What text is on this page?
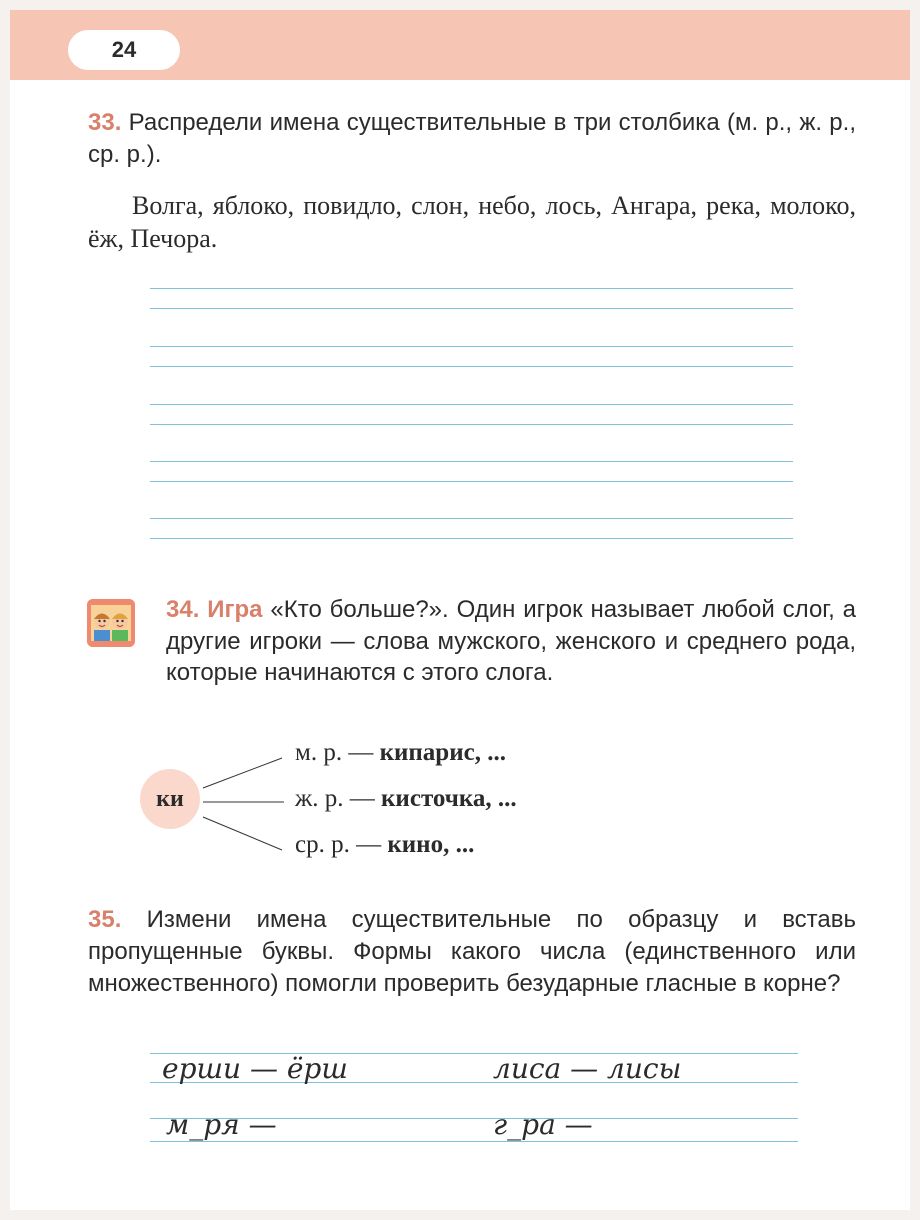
24
33. Распредели имена существительные в три столбика (м. р., ж. р., ср. р.).
Волга, яблоко, повидло, слон, небо, лось, Ангара, река, молоко, ёж, Печора.
34. Игра «Кто больше?». Один игрок называет любой слог, а другие игроки — слова мужского, женского и среднего рода, которые начинаются с этого слога.
ки
м. р. — кипарис, ...
ж. р. — кисточка, ...
ср. р. — кино, ...
35. Измени имена существительные по образцу и вставь пропущенные буквы. Формы какого числа (единственного или множественного) помогли проверить безударные гласные в корне?
ерши — ёрш	лиса — лисы
м_ря —	г_ра —
